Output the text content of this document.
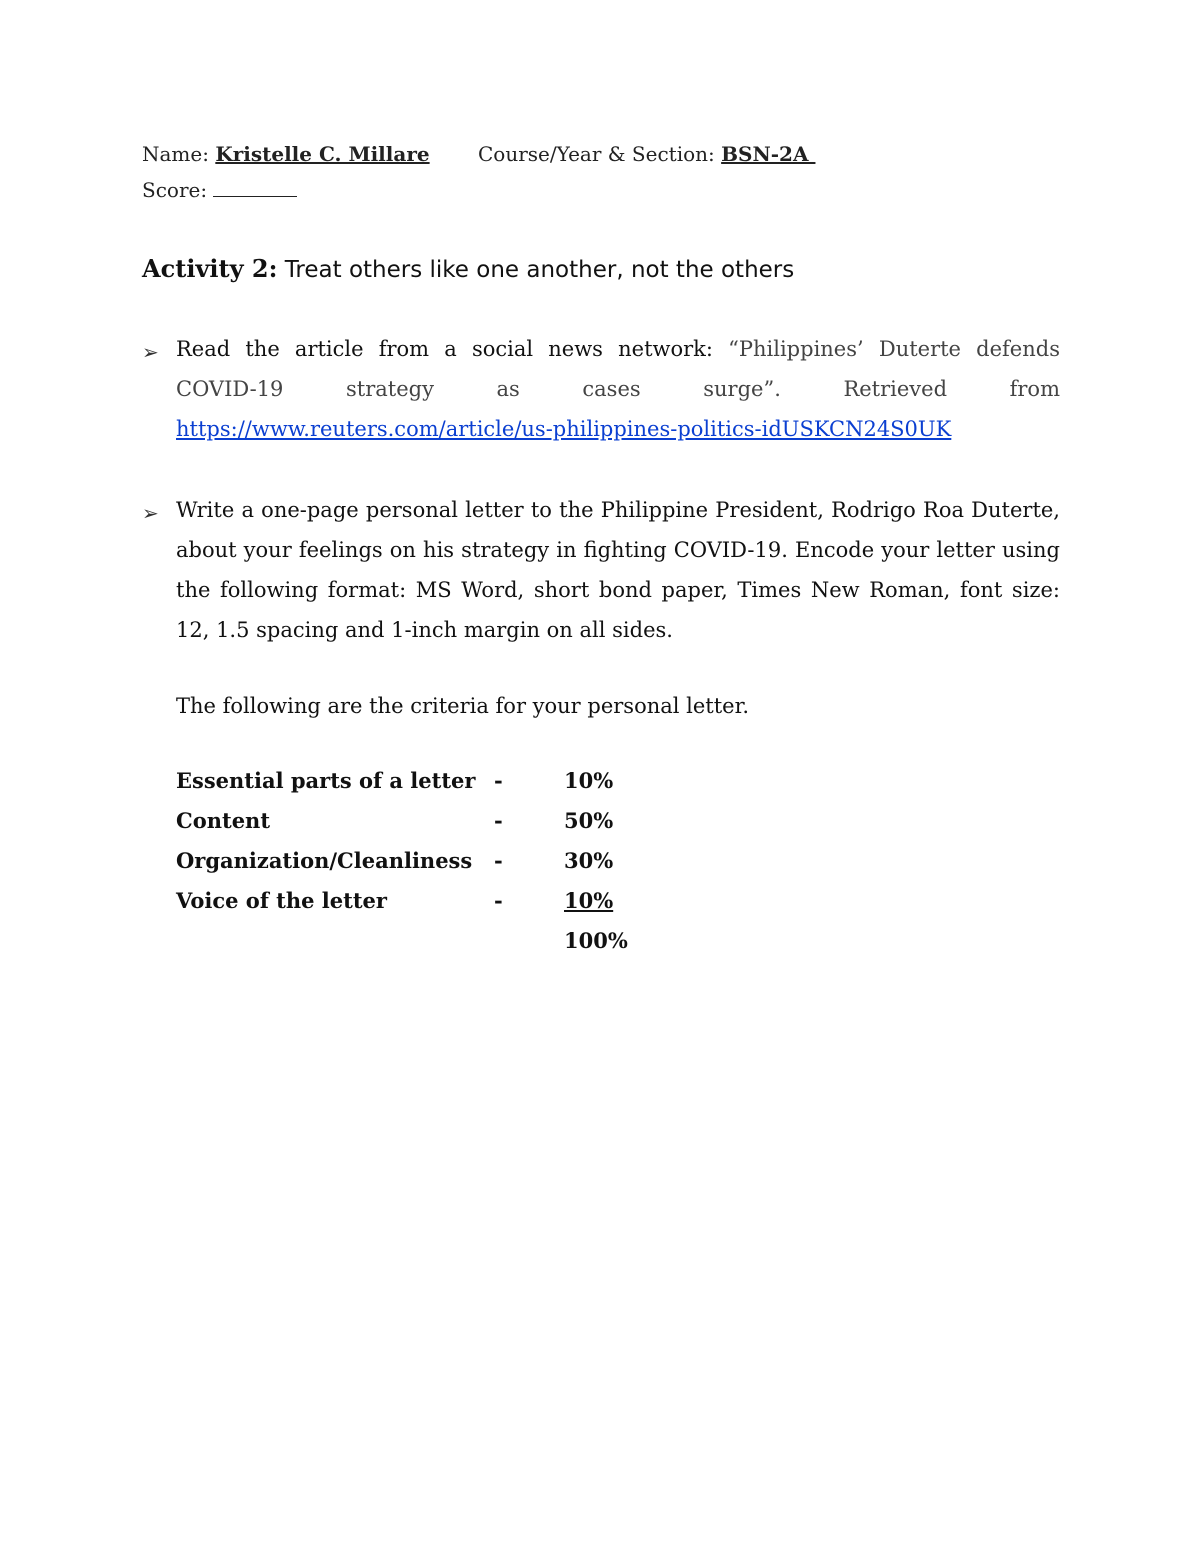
Name: Kristelle C. Millare Course/Year & Section: BSN-2A
Score:
Activity 2: Treat others like one another, not the others
➢ Read the article from a social news network: “Philippines’ Duterte defends COVID-19 strategy as cases surge”. Retrieved from https://www.reuters.com/article/us-philippines-politics-idUSKCN24S0UK
➢ Write a one-page personal letter to the Philippine President, Rodrigo Roa Duterte, about your feelings on his strategy in fighting COVID-19. Encode your letter using the following format: MS Word, short bond paper, Times New Roman, font size: 12, 1.5 spacing and 1-inch margin on all sides.
The following are the criteria for your personal letter.
Essential parts of a letter -	10%
Content	-	50%
Organization/Cleanliness -	30%
Voice of the letter	-	10%
100%
